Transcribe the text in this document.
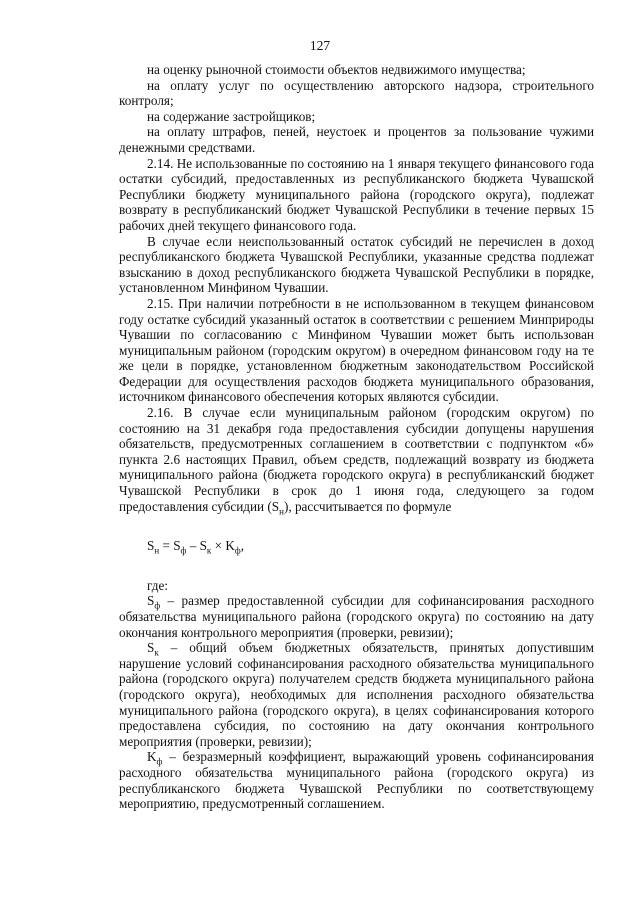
127

на оценку рыночной стоимости объектов недвижимого имущества;

на оплату услуг по осуществлению авторского надзора, строительного контроля;

на содержание застройщиков;

на оплату штрафов, пеней, неустоек и процентов за пользование чужими денежными средствами.

2.14. Не использованные по состоянию на 1 января текущего финансового года остатки субсидий, предоставленных из республиканского бюджета Чувашской Республики бюджету муниципального района (городского округа), подлежат возврату в республиканский бюджет Чувашской Республики в течение первых 15 рабочих дней текущего финансового года.

В случае если неиспользованный остаток субсидий не перечислен в доход республиканского бюджета Чувашской Республики, указанные средства подлежат взысканию в доход республиканского бюджета Чувашской Республики в порядке, установленном Минфином Чувашии.

2.15. При наличии потребности в не использованном в текущем финансовом году остатке субсидий указанный остаток в соответствии с решением Минприроды Чувашии по согласованию с Минфином Чувашии может быть использован муниципальным районом (городским округом) в очередном финансовом году на те же цели в порядке, установленном бюджетным законодательством Российской Федерации для осуществления расходов бюджета муниципального образования, источником финансового обеспечения которых являются субсидии.

2.16. В случае если муниципальным районом (городским округом) по состоянию на 31 декабря года предоставления субсидии допущены нарушения обязательств, предусмотренных соглашением в соответствии с подпунктом «б» пункта 2.6 настоящих Правил, объем средств, подлежащий возврату из бюджета муниципального района (бюджета городского округа) в республиканский бюджет Чувашской Республики в срок до 1 июня года, следующего за годом предоставления субсидии $(S_н)$, рассчитывается по формуле

$S_н = S_ф - S_к \times K_ф$,

где:

$S_ф$ – размер предоставленной субсидии для софинансирования расходного обязательства муниципального района (городского округа) по состоянию на дату окончания контрольного мероприятия (проверки, ревизии);

$S_к$ – общий объем бюджетных обязательств, принятых допустившим нарушение условий софинансирования расходного обязательства муниципального района (городского округа) получателем средств бюджета муниципального района (городского округа), необходимых для исполнения расходного обязательства муниципального района (городского округа), в целях софинансирования которого предоставлена субсидия, по состоянию на дату окончания контрольного мероприятия (проверки, ревизии);

$K_ф$ – безразмерный коэффициент, выражающий уровень софинансирования расходного обязательства муниципального района (городского округа) из республиканского бюджета Чувашской Республики по соответствующему мероприятию, предусмотренный соглашением.
